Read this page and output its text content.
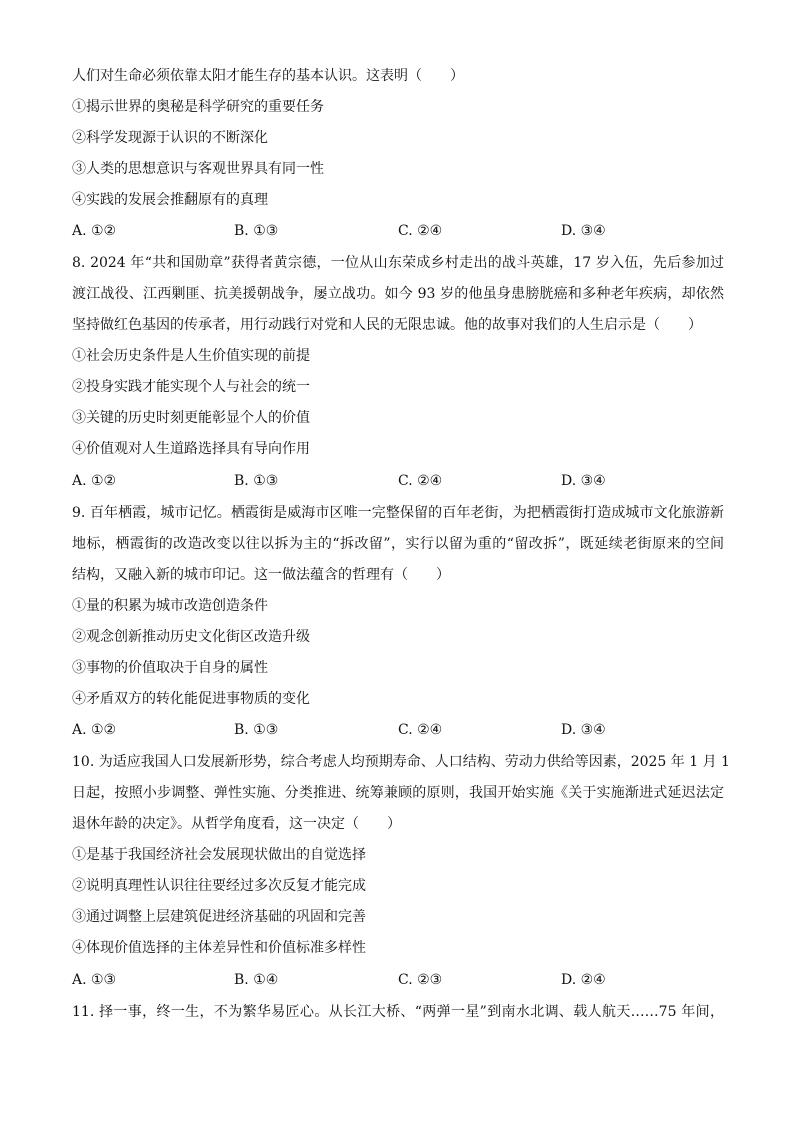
人们对生命必须依靠太阳才能生存的基本认识。这表明（　　）
①揭示世界的奥秘是科学研究的重要任务
②科学发现源于认识的不断深化
③人类的思想意识与客观世界具有同一性
④实践的发展会推翻原有的真理
A. ①②	B. ①③	C. ②④	D. ③④
8. 2024 年“共和国勋章”获得者黄宗德，一位从山东荣成乡村走出的战斗英雄，17 岁入伍，先后参加过
渡江战役、江西剿匪、抗美援朝战争，屡立战功。如今 93 岁的他虽身患膀胱癌和多种老年疾病，却依然
坚持做红色基因的传承者，用行动践行对党和人民的无限忠诚。他的故事对我们的人生启示是（　　）
①社会历史条件是人生价值实现的前提
②投身实践才能实现个人与社会的统一
③关键的历史时刻更能彰显个人的价值
④价值观对人生道路选择具有导向作用
A. ①②	B. ①③	C. ②④	D. ③④
9. 百年栖霞，城市记忆。栖霞街是威海市区唯一完整保留的百年老街，为把栖霞街打造成城市文化旅游新
地标，栖霞街的改造改变以往以拆为主的“拆改留”，实行以留为重的“留改拆”，既延续老街原来的空间
结构，又融入新的城市印记。这一做法蕴含的哲理有（　　）
①量的积累为城市改造创造条件
②观念创新推动历史文化街区改造升级
③事物的价值取决于自身的属性
④矛盾双方的转化能促进事物质的变化
A. ①②	B. ①③	C. ②④	D. ③④
10. 为适应我国人口发展新形势，综合考虑人均预期寿命、人口结构、劳动力供给等因素，2025 年 1 月 1
日起，按照小步调整、弹性实施、分类推进、统筹兼顾的原则，我国开始实施《关于实施渐进式延迟法定
退休年龄的决定》。从哲学角度看，这一决定（　　）
①是基于我国经济社会发展现状做出的自觉选择
②说明真理性认识往往要经过多次反复才能完成
③通过调整上层建筑促进经济基础的巩固和完善
④体现价值选择的主体差异性和价值标准多样性
A. ①③	B. ①④	C. ②③	D. ②④
11. 择一事，终一生，不为繁华易匠心。从长江大桥、“两弹一星”到南水北调、载人航天……75 年间，
